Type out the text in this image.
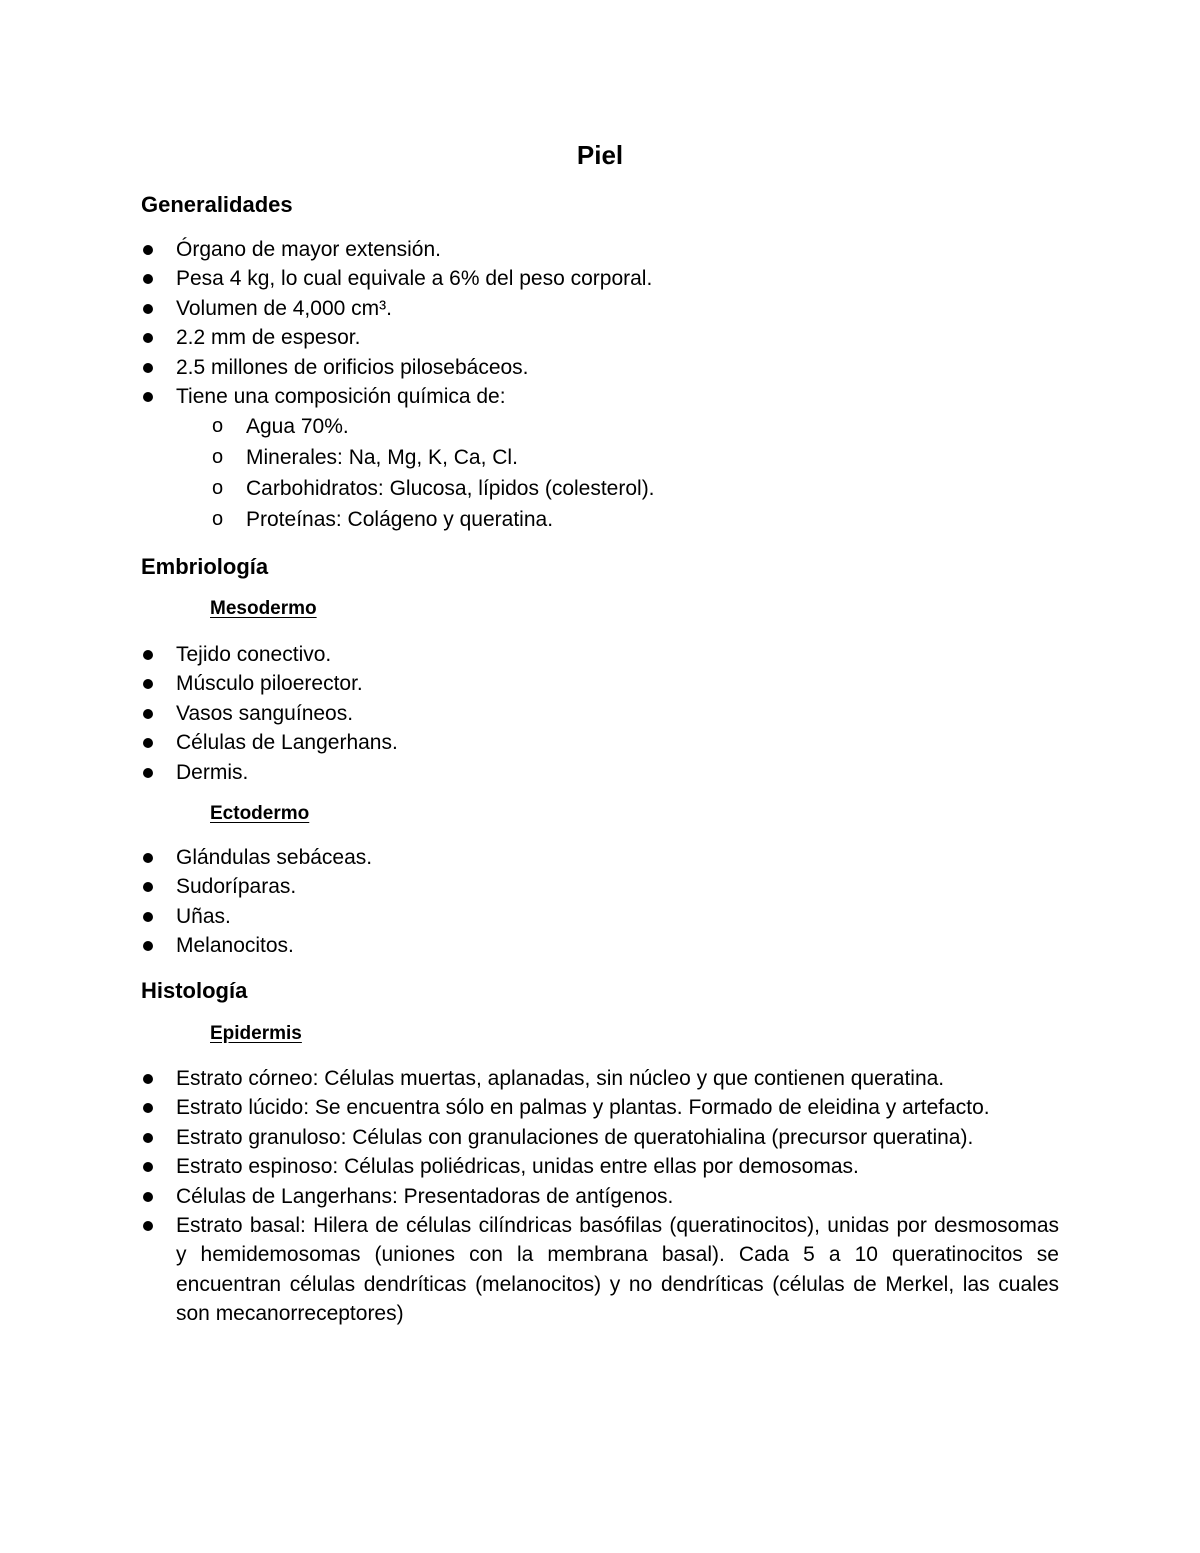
Piel
Generalidades
Órgano de mayor extensión.
Pesa 4 kg, lo cual equivale a 6% del peso corporal.
Volumen de 4,000 cm³.
2.2 mm de espesor.
2.5 millones de orificios pilosebáceos.
Tiene una composición química de:
o Agua 70%.
o Minerales: Na, Mg, K, Ca, Cl.
o Carbohidratos: Glucosa, lípidos (colesterol).
o Proteínas: Colágeno y queratina.
Embriología
Mesodermo
Tejido conectivo.
Músculo piloerector.
Vasos sanguíneos.
Células de Langerhans.
Dermis.
Ectodermo
Glándulas sebáceas.
Sudoríparas.
Uñas.
Melanocitos.
Histología
Epidermis
Estrato córneo: Células muertas, aplanadas, sin núcleo y que contienen queratina.
Estrato lúcido: Se encuentra sólo en palmas y plantas. Formado de eleidina y artefacto.
Estrato granuloso: Células con granulaciones de queratohialina (precursor queratina).
Estrato espinoso: Células poliédricas, unidas entre ellas por demosomas.
Células de Langerhans: Presentadoras de antígenos.
Estrato basal: Hilera de células cilíndricas basófilas (queratinocitos), unidas por desmosomas y hemidemosomas (uniones con la membrana basal). Cada 5 a 10 queratinocitos se encuentran células dendríticas (melanocitos) y no dendríticas (células de Merkel, las cuales son mecanorreceptores)
